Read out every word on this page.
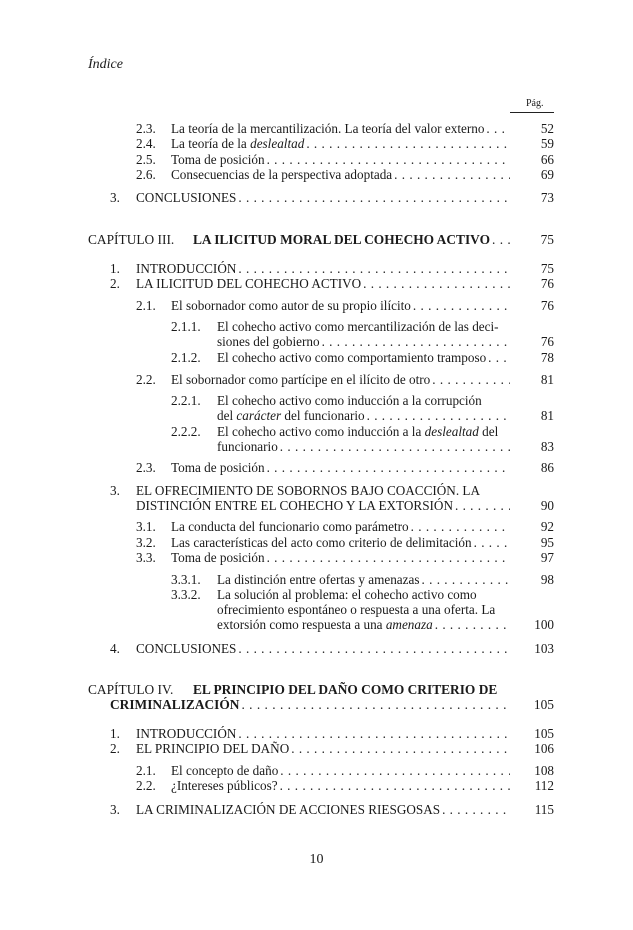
Índice
Pág.
2.3. La teoría de la mercantilización. La teoría del valor externo . . .	52
2.4. La teoría de la deslealtad . . .	59
2.5. Toma de posición . . .	66
2.6. Consecuencias de la perspectiva adoptada . . .	69
3. CONCLUSIONES . . .	73
CAPÍTULO III. LA ILICITUD MORAL DEL COHECHO ACTIVO . . .	75
1. INTRODUCCIÓN . . .	75
2. LA ILICITUD DEL COHECHO ACTIVO . . .	76
2.1. El sobornador como autor de su propio ilícito . . .	76
2.1.1. El cohecho activo como mercantilización de las deci-
siones del gobierno . . .	76
2.1.2. El cohecho activo como comportamiento tramposo . . .	78
2.2. El sobornador como partícipe en el ilícito de otro . . .	81
2.2.1. El cohecho activo como inducción a la corrupción
del carácter del funcionario . . .	81
2.2.2. El cohecho activo como inducción a la deslealtad del
funcionario . . .	83
2.3. Toma de posición . . .	86
3. EL OFRECIMIENTO DE SOBORNOS BAJO COACCIÓN. LA
DISTINCIÓN ENTRE EL COHECHO Y LA EXTORSIÓN . . .	90
3.1. La conducta del funcionario como parámetro . . .	92
3.2. Las características del acto como criterio de delimitación . . .	95
3.3. Toma de posición . . .	97
3.3.1. La distinción entre ofertas y amenazas . . .	98
3.3.2. La solución al problema: el cohecho activo como
ofrecimiento espontáneo o respuesta a una oferta. La
extorsión como respuesta a una amenaza . . .	100
4. CONCLUSIONES . . .	103
CAPÍTULO IV. EL PRINCIPIO DEL DAÑO COMO CRITERIO DE
CRIMINALIZACIÓN . . .	105
1. INTRODUCCIÓN . . .	105
2. EL PRINCIPIO DEL DAÑO . . .	106
2.1. El concepto de daño . . .	108
2.2. ¿Intereses públicos? . . .	112
3. LA CRIMINALIZACIÓN DE ACCIONES RIESGOSAS . . .	115
10
